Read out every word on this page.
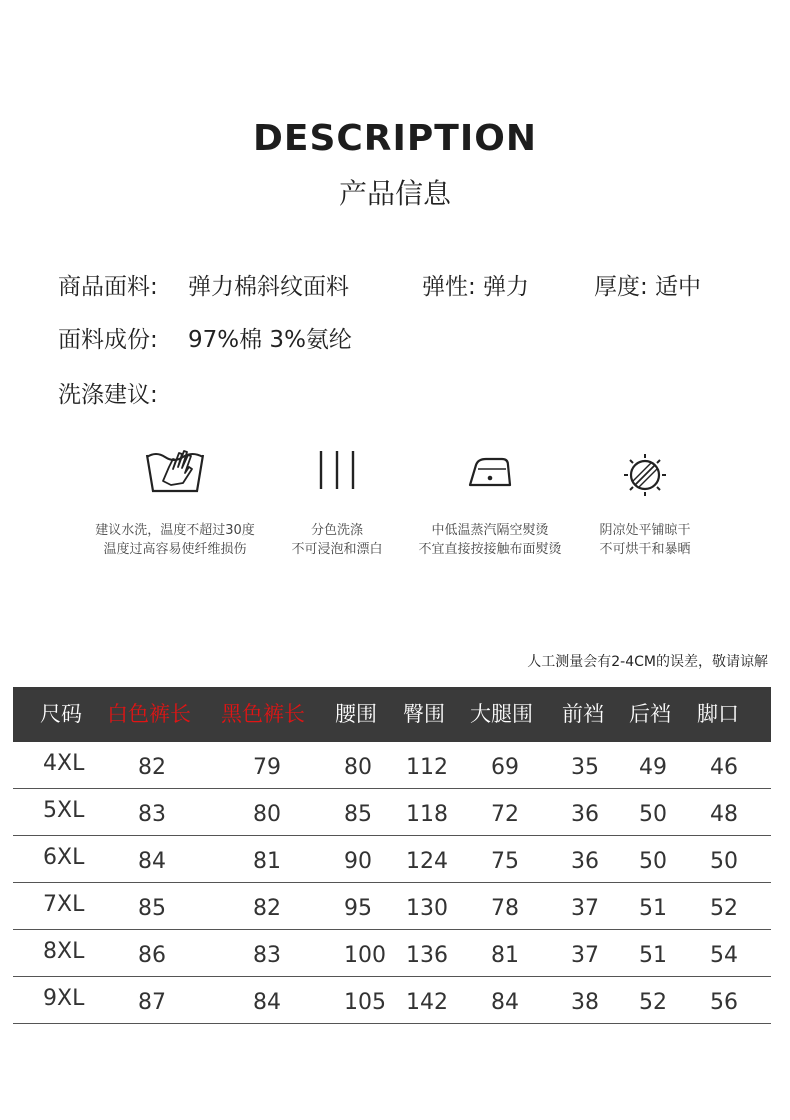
DESCRIPTION
产品信息
商品面料: 弹力棉斜纹面料	弹性: 弹力	厚度: 适中
面料成份: 97%棉 3%氨纶
洗涤建议:
建议水洗，温度不超过30度
温度过高容易使纤维损伤
分色洗涤
不可浸泡和漂白
中低温蒸汽隔空熨烫
不宜直接按接触布面熨烫
阴凉处平铺晾干
不可烘干和暴晒
人工测量会有2-4CM的误差，敬请谅解
尺码 白色裤长 黑色裤长 腰围 臀围 大腿围 前裆 后裆 脚口
4XL 82	79	80 112 69 35 49 46
5XL 83	80	85 118 72 36 50 48
6XL 84	81	90 124 75 36 50 50
7XL 85	82	95 130 78 37 51 52
8XL 86	83	100 136 81 37 51 54
9XL 87	84	105 142 84 38 52 56
